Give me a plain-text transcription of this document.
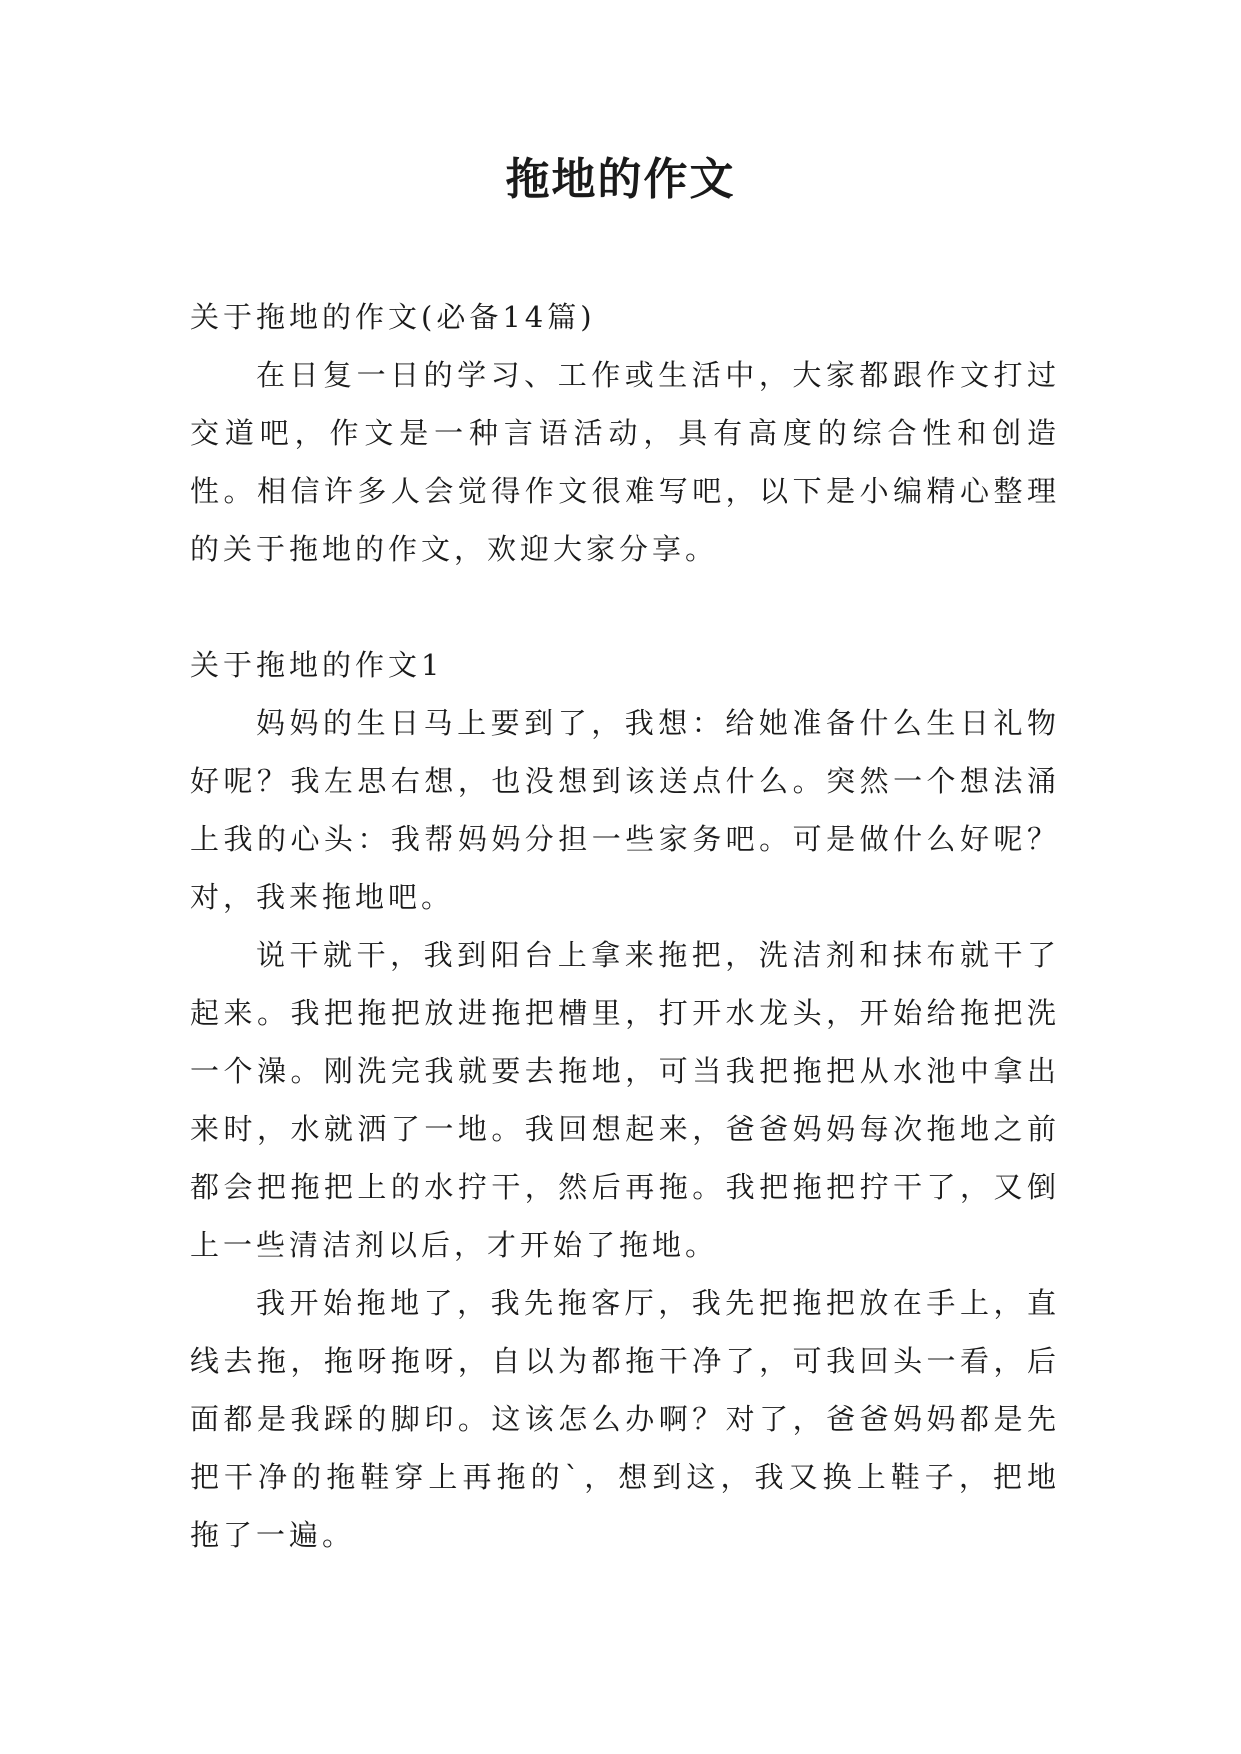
拖地的作文

关于拖地的作文(必备14篇)

在日复一日的学习、工作或生活中，大家都跟作文打过交道吧，作文是一种言语活动，具有高度的综合性和创造性。相信许多人会觉得作文很难写吧，以下是小编精心整理的关于拖地的作文，欢迎大家分享。

关于拖地的作文1

妈妈的生日马上要到了，我想：给她准备什么生日礼物好呢？我左思右想，也没想到该送点什么。突然一个想法涌上我的心头：我帮妈妈分担一些家务吧。可是做什么好呢？对，我来拖地吧。

说干就干，我到阳台上拿来拖把，洗洁剂和抹布就干了起来。我把拖把放进拖把槽里，打开水龙头，开始给拖把洗一个澡。刚洗完我就要去拖地，可当我把拖把从水池中拿出来时，水就洒了一地。我回想起来，爸爸妈妈每次拖地之前都会把拖把上的水拧干，然后再拖。我把拖把拧干了，又倒上一些清洁剂以后，才开始了拖地。

我开始拖地了，我先拖客厅，我先把拖把放在手上，直线去拖，拖呀拖呀，自以为都拖干净了，可我回头一看，后面都是我踩的脚印。这该怎么办啊？对了，爸爸妈妈都是先把干净的拖鞋穿上再拖的`，想到这，我又换上鞋子，把地拖了一遍。
